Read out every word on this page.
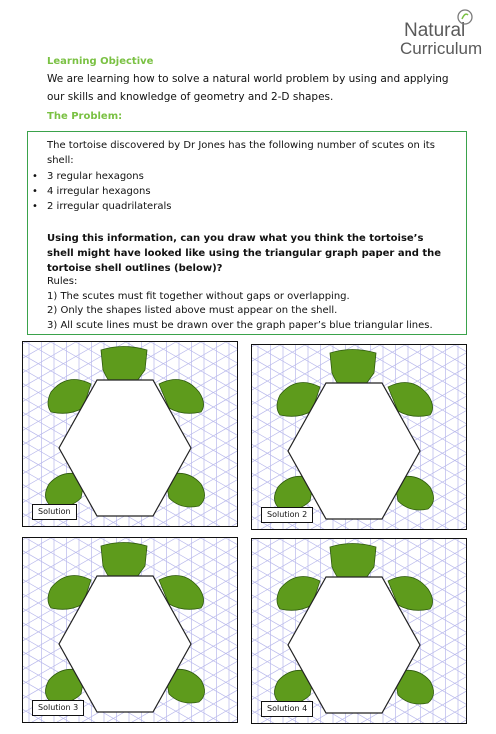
Natural
Curriculum
Learning Objective
We are learning how to solve a natural world problem by using and applying our skills and knowledge of geometry and 2-D shapes.
The Problem:
The tortoise discovered by Dr Jones has the following number of scutes on its shell:
• 3 regular hexagons
• 4 irregular hexagons
• 2 irregular quadrilaterals
Using this information, can you draw what you think the tortoise’s shell might have looked like using the triangular graph paper and the tortoise shell outlines (below)?
Rules:
1) The scutes must fit together without gaps or overlapping.
2) Only the shapes listed above must appear on the shell.
3) All scute lines must be drawn over the graph paper’s blue triangular lines.
Solution	Solution 2
Solution 3	Solution 4
